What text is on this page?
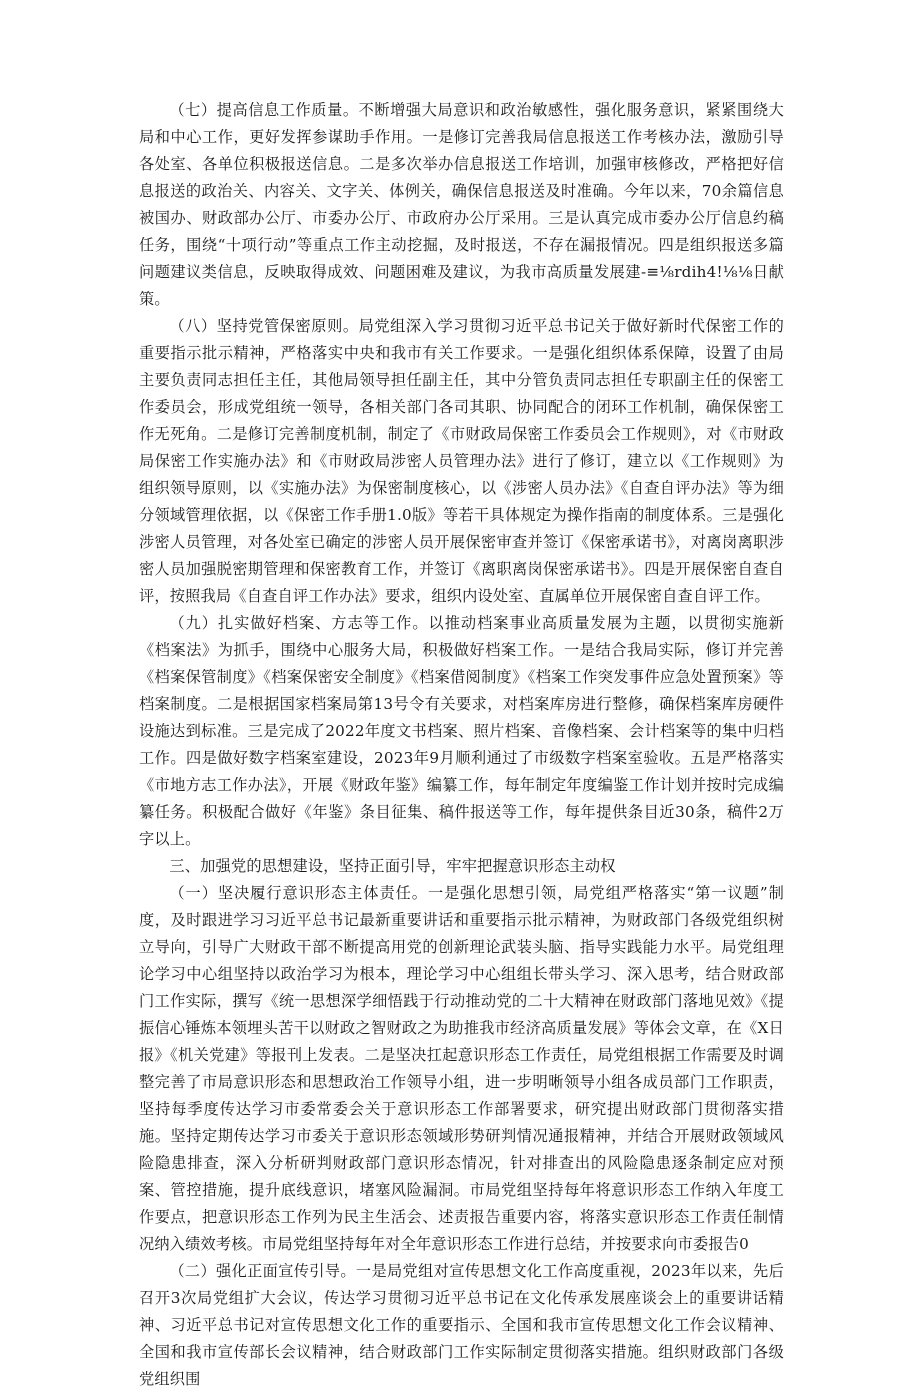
（七）提高信息工作质量。不断增强大局意识和政治敏感性，强化服务意识，紧紧围绕大局和中心工作，更好发挥参谋助手作用。一是修订完善我局信息报送工作考核办法，激励引导各处室、各单位积极报送信息。二是多次举办信息报送工作培训，加强审核修改，严格把好信息报送的政治关、内容关、文字关、体例关，确保信息报送及时准确。今年以来，70余篇信息被国办、财政部办公厅、市委办公厅、市政府办公厅采用。三是认真完成市委办公厅信息约稿任务，围绕“十项行动”等重点工作主动挖掘，及时报送，不存在漏报情况。四是组织报送多篇问题建议类信息，反映取得成效、问题困难及建议，为我市高质量发展建-≡⅛rdih4!⅛⅛日献策。

（八）坚持党管保密原则。局党组深入学习贯彻习近平总书记关于做好新时代保密工作的重要指示批示精神，严格落实中央和我市有关工作要求。一是强化组织体系保障，设置了由局主要负责同志担任主任，其他局领导担任副主任，其中分管负责同志担任专职副主任的保密工作委员会，形成党组统一领导，各相关部门各司其职、协同配合的闭环工作机制，确保保密工作无死角。二是修订完善制度机制，制定了《市财政局保密工作委员会工作规则》，对《市财政局保密工作实施办法》和《市财政局涉密人员管理办法》进行了修订，建立以《工作规则》为组织领导原则，以《实施办法》为保密制度核心，以《涉密人员办法》《自查自评办法》等为细分领域管理依据，以《保密工作手册1.0版》等若干具体规定为操作指南的制度体系。三是强化涉密人员管理，对各处室已确定的涉密人员开展保密审查并签订《保密承诺书》，对离岗离职涉密人员加强脱密期管理和保密教育工作，并签订《离职离岗保密承诺书》。四是开展保密自查自评，按照我局《自查自评工作办法》要求，组织内设处室、直属单位开展保密自查自评工作。

（九）扎实做好档案、方志等工作。以推动档案事业高质量发展为主题，以贯彻实施新《档案法》为抓手，围绕中心服务大局，积极做好档案工作。一是结合我局实际，修订并完善《档案保管制度》《档案保密安全制度》《档案借阅制度》《档案工作突发事件应急处置预案》等档案制度。二是根据国家档案局第13号令有关要求，对档案库房进行整修，确保档案库房硬件设施达到标准。三是完成了2022年度文书档案、照片档案、音像档案、会计档案等的集中归档工作。四是做好数字档案室建设，2023年9月顺利通过了市级数字档案室验收。五是严格落实《市地方志工作办法》，开展《财政年鉴》编纂工作，每年制定年度编鉴工作计划并按时完成编纂任务。积极配合做好《年鉴》条目征集、稿件报送等工作，每年提供条目近30条，稿件2万字以上。

三、加强党的思想建设，坚持正面引导，牢牢把握意识形态主动权

（一）坚决履行意识形态主体责任。一是强化思想引领，局党组严格落实“第一议题”制度，及时跟进学习习近平总书记最新重要讲话和重要指示批示精神，为财政部门各级党组织树立导向，引导广大财政干部不断提高用党的创新理论武装头脑、指导实践能力水平。局党组理论学习中心组坚持以政治学习为根本，理论学习中心组组长带头学习、深入思考，结合财政部门工作实际，撰写《统一思想深学细悟践于行动推动党的二十大精神在财政部门落地见效》《提振信心锤炼本领埋头苦干以财政之智财政之为助推我市经济高质量发展》等体会文章，在《X日报》《机关党建》等报刊上发表。二是坚决扛起意识形态工作责任，局党组根据工作需要及时调整完善了市局意识形态和思想政治工作领导小组，进一步明晰领导小组各成员部门工作职责，坚持每季度传达学习市委常委会关于意识形态工作部署要求，研究提出财政部门贯彻落实措施。坚持定期传达学习市委关于意识形态领域形势研判情况通报精神，并结合开展财政领域风险隐患排查，深入分析研判财政部门意识形态情况，针对排查出的风险隐患逐条制定应对预案、管控措施，提升底线意识，堵塞风险漏洞。市局党组坚持每年将意识形态工作纳入年度工作要点，把意识形态工作列为民主生活会、述责报告重要内容，将落实意识形态工作责任制情况纳入绩效考核。市局党组坚持每年对全年意识形态工作进行总结，并按要求向市委报告0

（二）强化正面宣传引导。一是局党组对宣传思想文化工作高度重视，2023年以来，先后召开3次局党组扩大会议，传达学习贯彻习近平总书记在文化传承发展座谈会上的重要讲话精神、习近平总书记对宣传思想文化工作的重要指示、全国和我市宣传思想文化工作会议精神、全国和我市宣传部长会议精神，结合财政部门工作实际制定贯彻落实措施。组织财政部门各级党组织围
